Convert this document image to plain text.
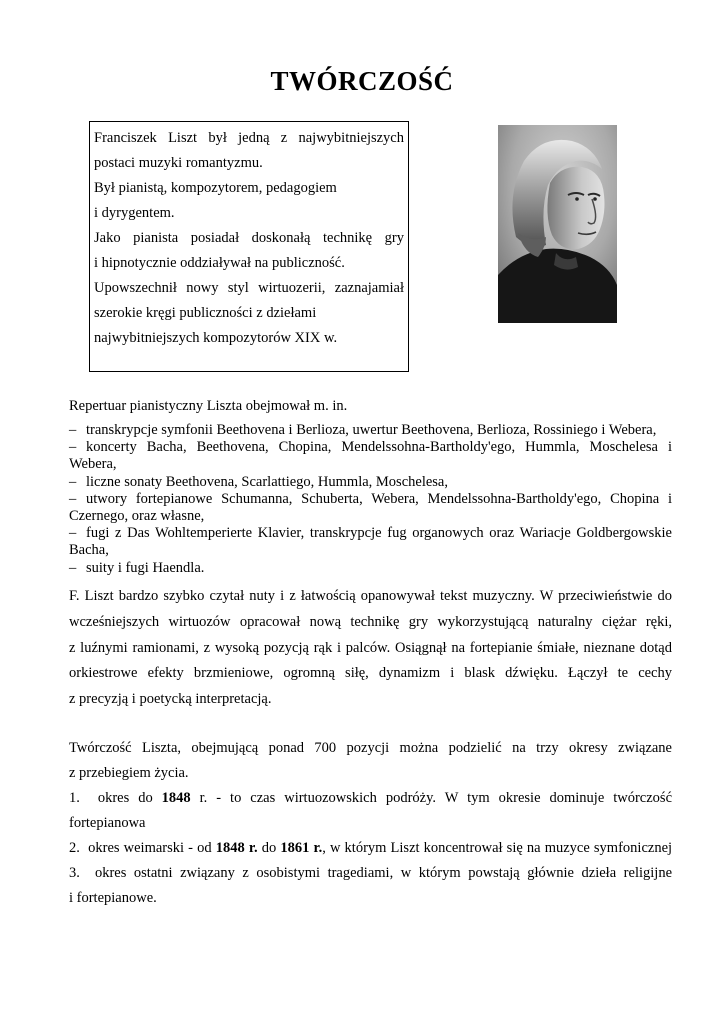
TWÓRCZOŚĆ
Franciszek Liszt był jedną z najwybitniejszych
postaci muzyki romantyzmu.
Był pianistą, kompozytorem, pedagogiem
i dyrygentem.
Jako pianista posiadał doskonałą technikę gry
i hipnotycznie oddziaływał na publiczność.
Upowszechnił nowy styl wirtuozerii, zaznajamiał
szerokie kręgi publiczności z dziełami
najwybitniejszych kompozytorów XIX w.
Repertuar pianistyczny Liszta obejmował m. in.
– transkrypcje symfonii Beethovena i Berlioza, uwertur Beethovena, Berlioza, Rossiniego i Webera,
– koncerty Bacha, Beethovena, Chopina, Mendelssohna-Bartholdy'ego, Hummla, Moschelesa i Webera,
– liczne sonaty Beethovena, Scarlattiego, Hummla, Moschelesa,
– utwory fortepianowe Schumanna, Schuberta, Webera, Mendelssohna-Bartholdy'ego, Chopina i Czernego, oraz własne,
– fugi z Das Wohltemperierte Klavier, transkrypcje fug organowych oraz Wariacje Goldbergowskie Bacha,
– suity i fugi Haendla.
F. Liszt bardzo szybko czytał nuty i z łatwością opanowywał tekst muzyczny. W przeciwieństwie do
wcześniejszych wirtuozów opracował nową technikę gry wykorzystującą naturalny ciężar ręki,
z luźnymi ramionami, z wysoką pozycją rąk i palców. Osiągnął na fortepianie śmiałe, nieznane dotąd
orkiestrowe efekty brzmieniowe, ogromną siłę, dynamizm i blask dźwięku. Łączył te cechy
z precyzją i poetycką interpretacją.
Twórczość Liszta, obejmującą ponad 700 pozycji można podzielić na trzy okresy związane
z przebiegiem życia.
1. okres do 1848 r. - to czas wirtuozowskich podróży. W tym okresie dominuje twórczość
fortepianowa
2. okres weimarski - od 1848 r. do 1861 r., w którym Liszt koncentrował się na muzyce symfonicznej
3. okres ostatni związany z osobistymi tragediami, w którym powstają głównie dzieła religijne
i fortepianowe.
